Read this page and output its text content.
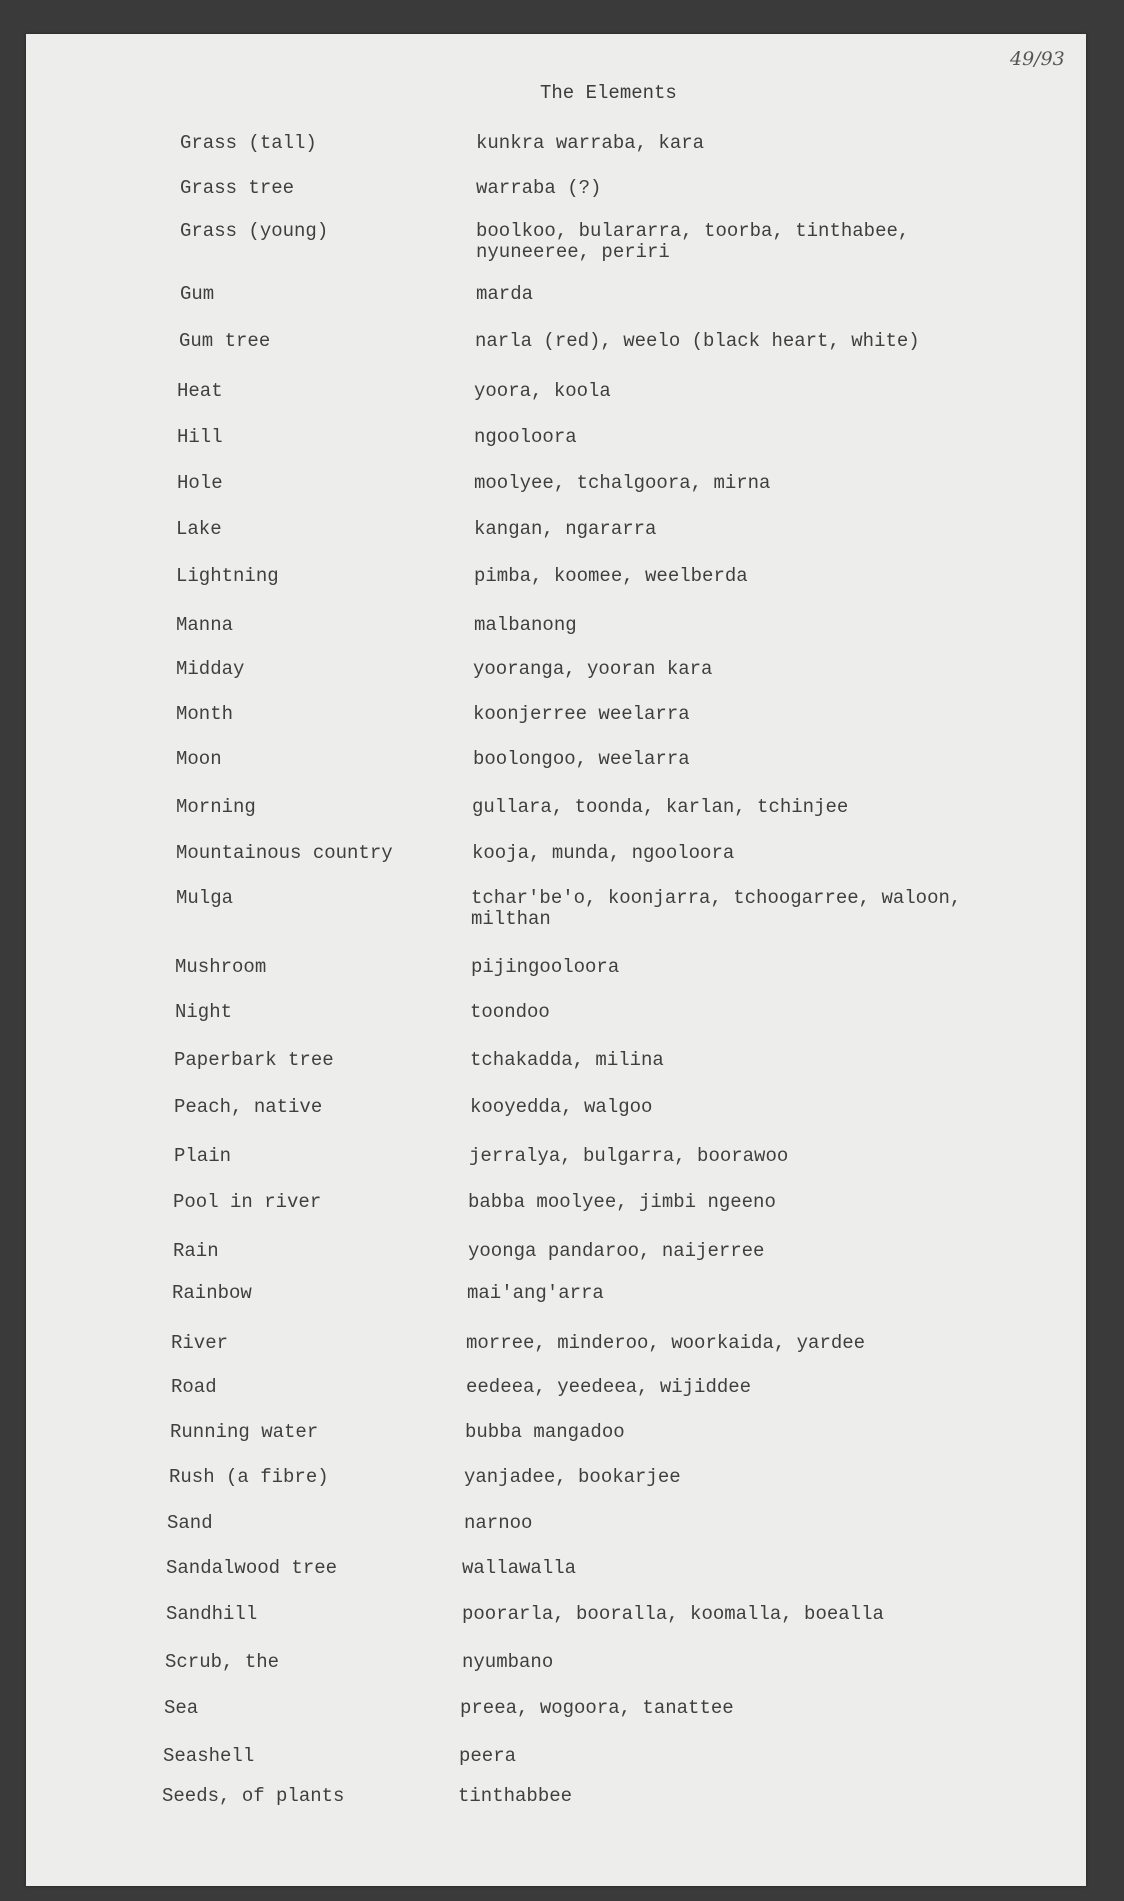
49/93
The Elements
Grass (tall)	kunkra warraba, kara
Grass tree	warraba (?)
Grass (young)	boolkoo, bulararra, toorba, tinthabee,
nyuneeree, periri
Gum	marda
Gum tree	narla (red), weelo (black heart, white)
Heat	yoora, koola
Hill	ngooloora
Hole	moolyee, tchalgoora, mirna
Lake	kangan, ngararra
Lightning	pimba, koomee, weelberda
Manna	malbanong
Midday	yooranga, yooran kara
Month	koonjerree weelarra
Moon	boolongoo, weelarra
Morning	gullara, toonda, karlan, tchinjee
Mountainous country	kooja, munda, ngooloora
Mulga	tchar'be'o, koonjarra, tchoogarree, waloon,
milthan
Mushroom	pijingooloora
Night	toondoo
Paperbark tree	tchakadda, milina
Peach, native	kooyedda, walgoo
Plain	jerralya, bulgarra, boorawoo
Pool in river	babba moolyee, jimbi ngeeno
Rain	yoonga pandaroo, naijerree
Rainbow	mai'ang'arra
River	morree, minderoo, woorkaida, yardee
Road	eedeea, yeedeea, wijiddee
Running water	bubba mangadoo
Rush (a fibre)	yanjadee, bookarjee
Sand	narnoo
Sandalwood tree	wallawalla
Sandhill	poorarla, booralla, koomalla, boealla
Scrub, the	nyumbano
Sea	preea, wogoora, tanattee
Seashell	peera
Seeds, of plants	tinthabbee
